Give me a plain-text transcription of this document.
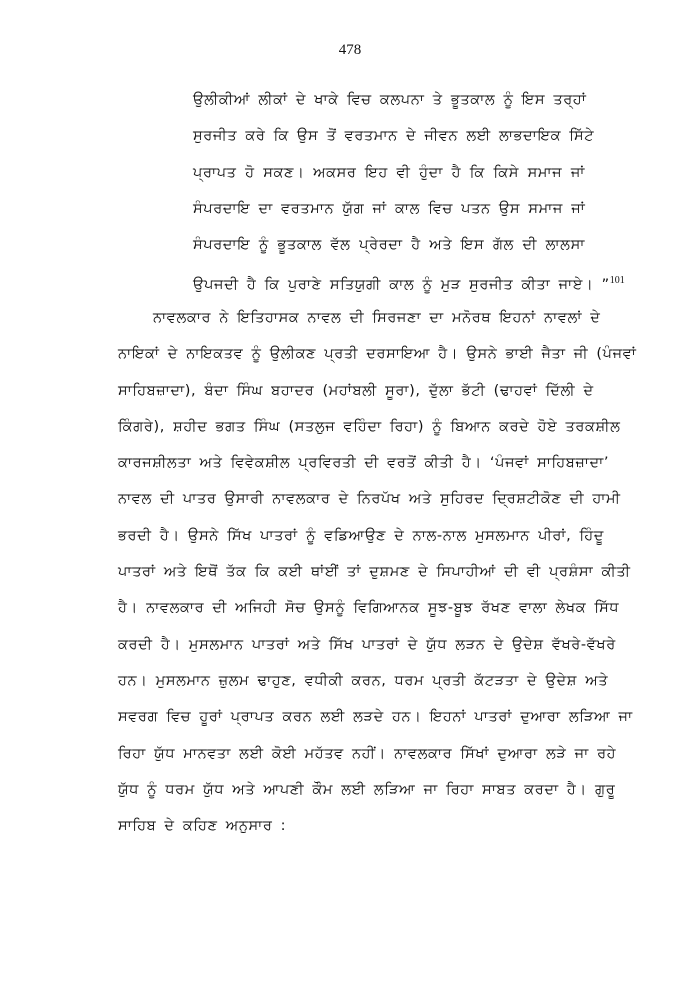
478
ਉਲੀਕੀਆਂ ਲੀਕਾਂ ਦੇ ਖਾਕੇ ਵਿਚ ਕਲਪਨਾ ਤੇ ਭੂਤਕਾਲ ਨੂੰ ਇਸ ਤਰ੍ਹਾਂ
ਸੁਰਜੀਤ ਕਰੇ ਕਿ ਉਸ ਤੋਂ ਵਰਤਮਾਨ ਦੇ ਜੀਵਨ ਲਈ ਲਾਭਦਾਇਕ ਸਿੱਟੇ
ਪ੍ਰਾਪਤ ਹੋ ਸਕਣ। ਅਕਸਰ ਇਹ ਵੀ ਹੁੰਦਾ ਹੈ ਕਿ ਕਿਸੇ ਸਮਾਜ ਜਾਂ
ਸੰਪਰਦਾਇ ਦਾ ਵਰਤਮਾਨ ਯੁੱਗ ਜਾਂ ਕਾਲ ਵਿਚ ਪਤਨ ਉਸ ਸਮਾਜ ਜਾਂ
ਸੰਪਰਦਾਇ ਨੂੰ ਭੂਤਕਾਲ ਵੱਲ ਪ੍ਰੇਰਦਾ ਹੈ ਅਤੇ ਇਸ ਗੱਲ ਦੀ ਲਾਲਸਾ
ਉਪਜਦੀ ਹੈ ਕਿ ਪੁਰਾਣੇ ਸਤਿਯੁਗੀ ਕਾਲ ਨੂੰ ਮੁੜ ਸੁਰਜੀਤ ਕੀਤਾ ਜਾਏ। ”$^{101}$
ਨਾਵਲਕਾਰ ਨੇ ਇਤਿਹਾਸਕ ਨਾਵਲ ਦੀ ਸਿਰਜਣਾ ਦਾ ਮਨੋਰਥ ਇਹਨਾਂ ਨਾਵਲਾਂ ਦੇ
ਨਾਇਕਾਂ ਦੇ ਨਾਇਕਤਵ ਨੂੰ ਉਲੀਕਣ ਪ੍ਰਤੀ ਦਰਸਾਇਆ ਹੈ। ਉਸਨੇ ਭਾਈ ਜੈਤਾ ਜੀ (ਪੰਜਵਾਂ
ਸਾਹਿਬਜ਼ਾਦਾ), ਬੰਦਾ ਸਿੰਘ ਬਹਾਦਰ (ਮਹਾਂਬਲੀ ਸੂਰਾ), ਦੁੱਲਾ ਭੱਟੀ (ਢਾਹਵਾਂ ਦਿੱਲੀ ਦੇ
ਕਿੰਗਰੇ), ਸ਼ਹੀਦ ਭਗਤ ਸਿੰਘ (ਸਤਲੁਜ ਵਹਿੰਦਾ ਰਿਹਾ) ਨੂੰ ਬਿਆਨ ਕਰਦੇ ਹੋਏ ਤਰਕਸ਼ੀਲ
ਕਾਰਜਸ਼ੀਲਤਾ ਅਤੇ ਵਿਵੇਕਸ਼ੀਲ ਪ੍ਰਵਿਰਤੀ ਦੀ ਵਰਤੋਂ ਕੀਤੀ ਹੈ। ‘ਪੰਜਵਾਂ ਸਾਹਿਬਜ਼ਾਦਾ’
ਨਾਵਲ ਦੀ ਪਾਤਰ ਉਸਾਰੀ ਨਾਵਲਕਾਰ ਦੇ ਨਿਰਪੱਖ ਅਤੇ ਸੁਹਿਰਦ ਦ੍ਰਿਸ਼ਟੀਕੋਣ ਦੀ ਹਾਮੀ
ਭਰਦੀ ਹੈ। ਉਸਨੇ ਸਿੱਖ ਪਾਤਰਾਂ ਨੂੰ ਵਡਿਆਉਣ ਦੇ ਨਾਲ-ਨਾਲ ਮੁਸਲਮਾਨ ਪੀਰਾਂ, ਹਿੰਦੂ
ਪਾਤਰਾਂ ਅਤੇ ਇਥੋਂ ਤੱਕ ਕਿ ਕਈ ਥਾਂਈਂ ਤਾਂ ਦੁਸ਼ਮਣ ਦੇ ਸਿਪਾਹੀਆਂ ਦੀ ਵੀ ਪ੍ਰਸ਼ੰਸਾ ਕੀਤੀ
ਹੈ। ਨਾਵਲਕਾਰ ਦੀ ਅਜਿਹੀ ਸੋਚ ਉਸਨੂੰ ਵਿਗਿਆਨਕ ਸੂਝ-ਬੂਝ ਰੱਖਣ ਵਾਲਾ ਲੇਖਕ ਸਿੱਧ
ਕਰਦੀ ਹੈ। ਮੁਸਲਮਾਨ ਪਾਤਰਾਂ ਅਤੇ ਸਿੱਖ ਪਾਤਰਾਂ ਦੇ ਯੁੱਧ ਲੜਨ ਦੇ ਉਦੇਸ਼ ਵੱਖਰੇ-ਵੱਖਰੇ
ਹਨ। ਮੁਸਲਮਾਨ ਜ਼ੁਲਮ ਢਾਹੁਣ, ਵਧੀਕੀ ਕਰਨ, ਧਰਮ ਪ੍ਰਤੀ ਕੱਟੜਤਾ ਦੇ ਉਦੇਸ਼ ਅਤੇ
ਸਵਰਗ ਵਿਚ ਹੂਰਾਂ ਪ੍ਰਾਪਤ ਕਰਨ ਲਈ ਲੜਦੇ ਹਨ। ਇਹਨਾਂ ਪਾਤਰਾਂ ਦੁਆਰਾ ਲੜਿਆ ਜਾ
ਰਿਹਾ ਯੁੱਧ ਮਾਨਵਤਾ ਲਈ ਕੋਈ ਮਹੱਤਵ ਨਹੀਂ। ਨਾਵਲਕਾਰ ਸਿੱਖਾਂ ਦੁਆਰਾ ਲੜੇ ਜਾ ਰਹੇ
ਯੁੱਧ ਨੂੰ ਧਰਮ ਯੁੱਧ ਅਤੇ ਆਪਣੀ ਕੌਮ ਲਈ ਲੜਿਆ ਜਾ ਰਿਹਾ ਸਾਬਤ ਕਰਦਾ ਹੈ। ਗੁਰੂ
ਸਾਹਿਬ ਦੇ ਕਹਿਣ ਅਨੁਸਾਰ :
